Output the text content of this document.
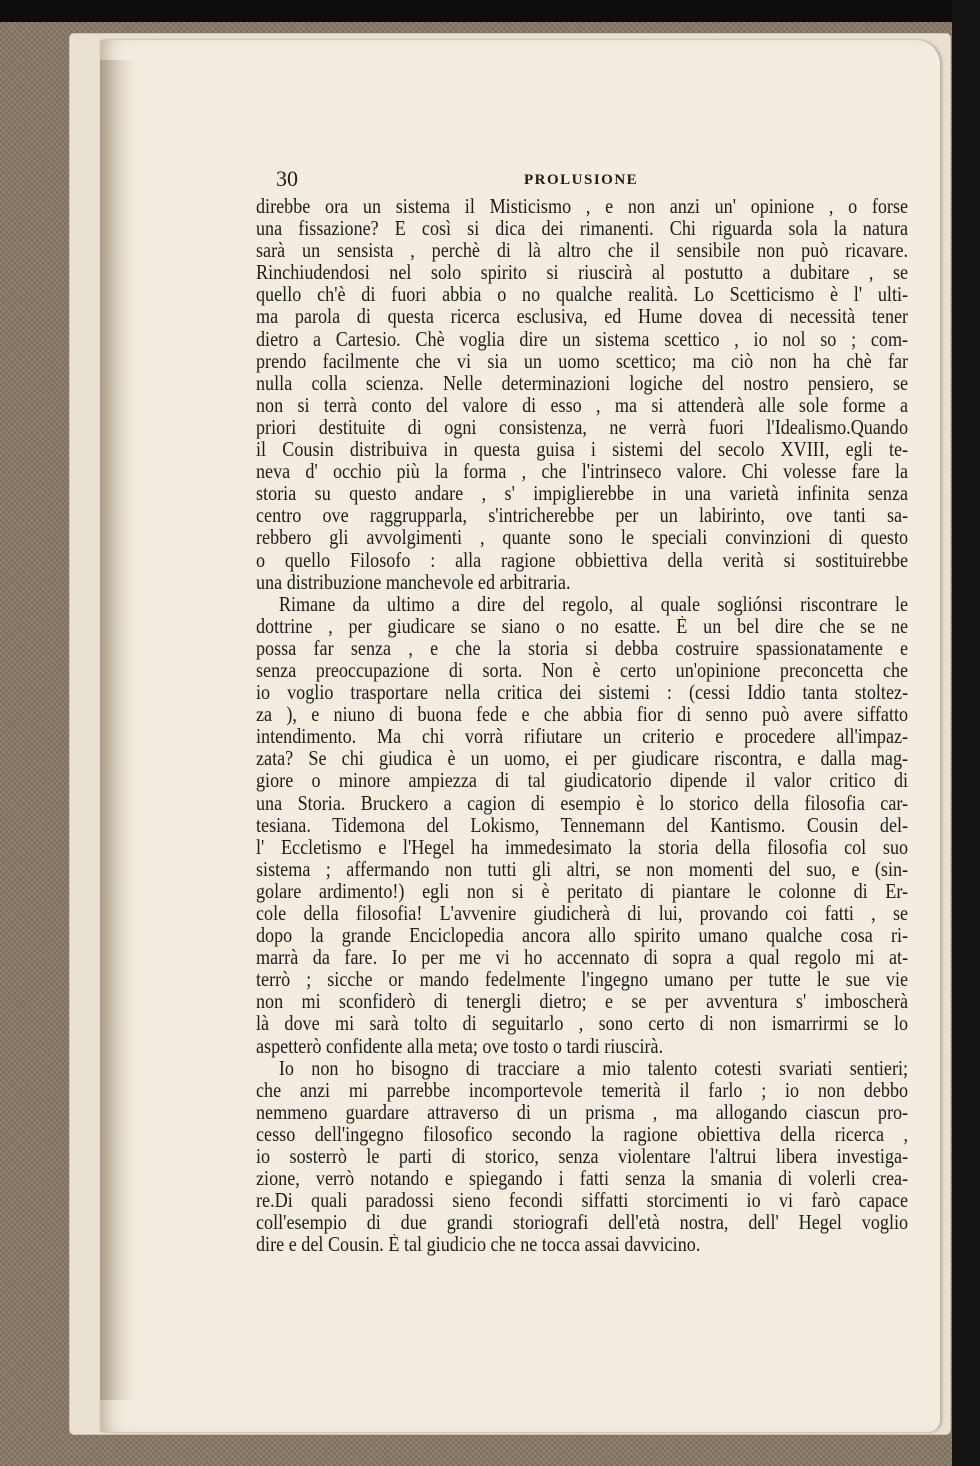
30	PROLUSIONE
direbbe ora un sistema il Misticismo , e non anzi un' opinione , o forse
una fissazione? E così si dica dei rimanenti. Chi riguarda sola la natura
sarà un sensista , perchè di là altro che il sensibile non può ricavare.
Rinchiudendosi nel solo spirito si riuscirà al postutto a dubitare , se
quello ch'è di fuori abbia o no qualche realità. Lo Scetticismo è l' ulti-
ma parola di questa ricerca esclusiva, ed Hume dovea di necessità tener
dietro a Cartesio. Chè voglia dire un sistema scettico , io nol so ; com-
prendo facilmente che vi sia un uomo scettico; ma ciò non ha chè far
nulla colla scienza. Nelle determinazioni logiche del nostro pensiero, se
non si terrà conto del valore di esso , ma si attenderà alle sole forme a
priori destituite di ogni consistenza, ne verrà fuori l'Idealismo.Quando
il Cousin distribuiva in questa guisa i sistemi del secolo XVIII, egli te-
neva d' occhio più la forma , che l'intrinseco valore. Chi volesse fare la
storia su questo andare , s' impiglierebbe in una varietà infinita senza
centro ove raggrupparla, s'intricherebbe per un labirinto, ove tanti sa-
rebbero gli avvolgimenti , quante sono le speciali convinzioni di questo
o quello Filosofo : alla ragione obbiettiva della verità si sostituirebbe
una distribuzione manchevole ed arbitraria.
Rimane da ultimo a dire del regolo, al quale sogliónsi riscontrare le
dottrine , per giudicare se siano o no esatte. È un bel dire che se ne
possa far senza , e che la storia si debba costruire spassionatamente e
senza preoccupazione di sorta. Non è certo un'opinione preconcetta che
io voglio trasportare nella critica dei sistemi : (cessi Iddio tanta stoltez-
za ), e niuno di buona fede e che abbia fior di senno può avere siffatto
intendimento. Ma chi vorrà rifiutare un criterio e procedere all'impaz-
zata? Se chi giudica è un uomo, ei per giudicare riscontra, e dalla mag-
giore o minore ampiezza di tal giudicatorio dipende il valor critico di
una Storia. Bruckero a cagion di esempio è lo storico della filosofia car-
tesiana. Tidemona del Lokismo, Tennemann del Kantismo. Cousin del-
l' Eccletismo e l'Hegel ha immedesimato la storia della filosofia col suo
sistema ; affermando non tutti gli altri, se non momenti del suo, e (sin-
golare ardimento!) egli non si è peritato di piantare le colonne di Er-
cole della filosofia! L'avvenire giudicherà di lui, provando coi fatti , se
dopo la grande Enciclopedia ancora allo spirito umano qualche cosa ri-
marrà da fare. Io per me vi ho accennato di sopra a qual regolo mi at-
terrò ; sicche or mando fedelmente l'ingegno umano per tutte le sue vie
non mi sconfiderò di tenergli dietro; e se per avventura s' imboscherà
là dove mi sarà tolto di seguitarlo , sono certo di non ismarrirmi se lo
aspetterò confidente alla meta; ove tosto o tardi riuscirà.
Io non ho bisogno di tracciare a mio talento cotesti svariati sentieri;
che anzi mi parrebbe incomportevole temerità il farlo ; io non debbo
nemmeno guardare attraverso di un prisma , ma allogando ciascun pro-
cesso dell'ingegno filosofico secondo la ragione obiettiva della ricerca ,
io sosterrò le parti di storico, senza violentare l'altrui libera investiga-
zione, verrò notando e spiegando i fatti senza la smania di volerli crea-
re.Di quali paradossi sieno fecondi siffatti storcimenti io vi farò capace
coll'esempio di due grandi storiografi dell'età nostra, dell' Hegel voglio
dire e del Cousin. È tal giudicio che ne tocca assai davvicino.
